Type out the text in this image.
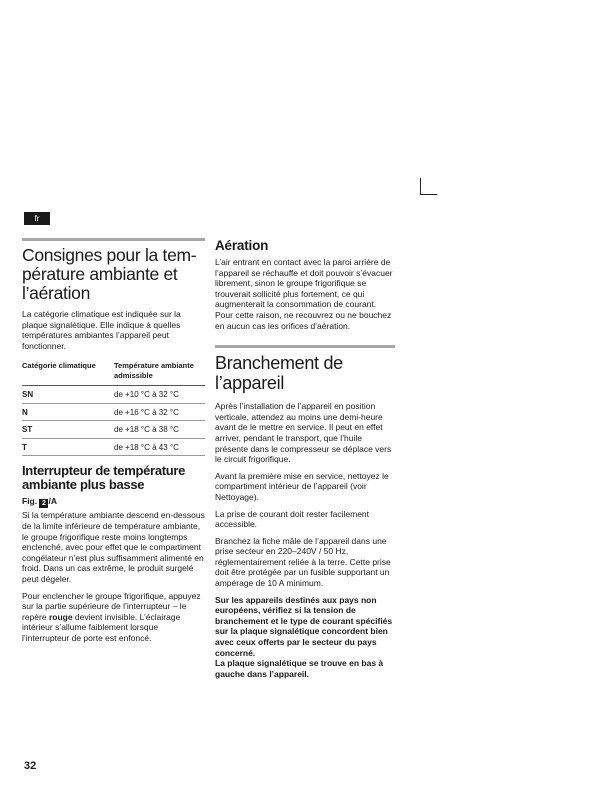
fr
Consignes pour la tem-
pérature ambiante et
l’aération

La catégorie climatique est indiquée sur la plaque signalétique. Elle indique à quelles températures ambiantes l’appareil peut fonctionner.

Catégorie climatique	Température ambiante admissible
SN	de +10 °C à 32 °C
N	de +16 °C à 32 °C
ST	de +18 °C à 38 °C
T	de +18 °C à 43 °C
Interrupteur de température ambiante plus basse
Fig. 2 /A

Si la température ambiante descend en-dessous de la limite inférieure de température ambiante, le groupe frigorifique reste moins longtemps enclenché, avec pour effet que le compartiment congélateur n’est plus suffisamment alimenté en froid. Dans un cas extrême, le produit surgelé peut dégeler.

Pour enclencher le groupe frigorifique, appuyez sur la partie supérieure de l’interrupteur – le repère rouge devient invisible. L’éclairage intérieur s’allume faiblement lorsque l’interrupteur de porte est enfoncé.

Aération

L’air entrant en contact avec la paroi arrière de l’appareil se réchauffe et doit pouvoir s’évacuer librement, sinon le groupe frigorifique se trouverait sollicité plus fortement, ce qui augmenterait la consommation de courant.

Pour cette raison, ne recouvrez ou ne bouchez en aucun cas les orifices d’aération.

Branchement de
l’appareil

Après l’installation de l’appareil en position verticale, attendez au moins une demi-heure avant de le mettre en service. Il peut en effet arriver, pendant le transport, que l’huile présente dans le compresseur se déplace vers le circuit frigorifique.

Avant la première mise en service, nettoyez le compartiment intérieur de l’appareil (voir Nettoyage).

La prise de courant doit rester facilement accessible.

Branchez la fiche mâle de l’appareil dans une prise secteur en 220–240V / 50 Hz, réglementairement reliée à la terre. Cette prise doit être protégée par un fusible supportant un ampérage de 10 A minimum.

Sur les appareils destinés aux pays non européens, vérifiez si la tension de branchement et le type de courant spécifiés sur la plaque signalétique concordent bien avec ceux offerts par le secteur du pays concerné.

La plaque signalétique se trouve en bas à gauche dans l’appareil.

32
